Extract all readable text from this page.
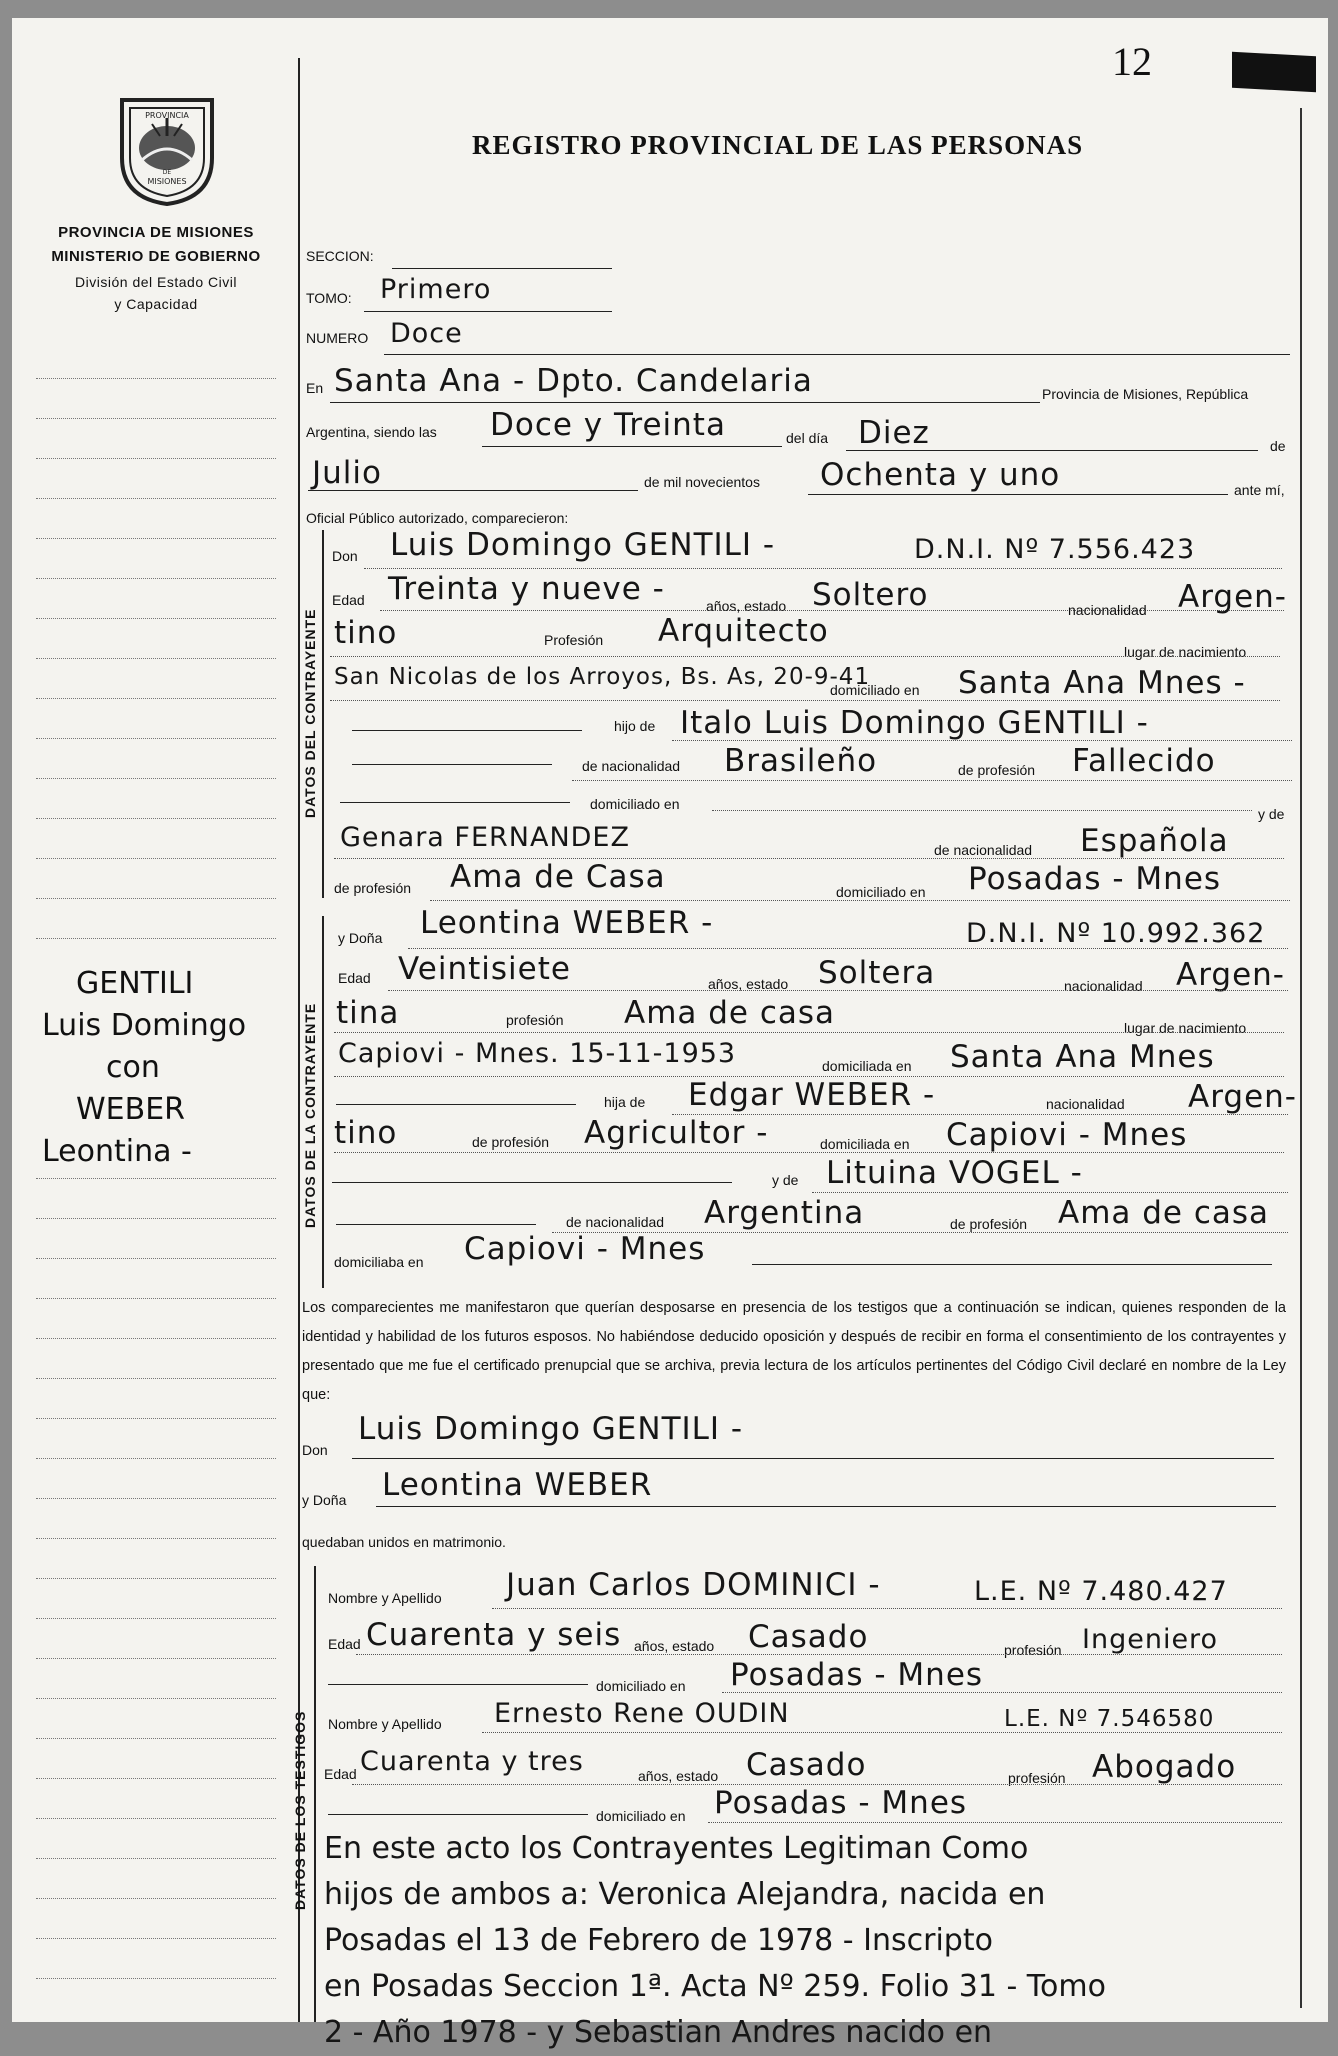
PROVINCIA
MISIONES
DE
PROVINCIA DE MISIONES
MINISTERIO DE GOBIERNO
División del Estado Civil
y Capacidad
GENTILI
Luis Domingo
con
WEBER
Leontina -
12
REGISTRO PROVINCIAL DE LAS PERSONAS
SECCION:
TOMO: Primero
NUMERO Doce
En Santa Ana - Dpto. Candelaria	Provincia de Misiones, República
Argentina, siendo las Doce y Treinta	del día Diez	de
Julio	de mil novecientos Ochenta y uno	ante mí,
Oficial Público autorizado, comparecieron:
DATOS DEL CONTRAYENTE
Don Luis Domingo GENTILI -	D.N.I. Nº 7.556.423
Edad Treinta y nueve -	años, estado Soltero	nacionalidad Argen-
tino	Profesión Arquitecto
lugar de nacimiento
San Nicolas de los Arroyos, Bs. As, 20-9-41
domiciliado en Santa Ana Mnes -
hijo de Italo Luis Domingo GENTILI -
de nacionalidad Brasileño	de profesión Fallecido
domiciliado en
y de
Genara FERNANDEZ	de nacionalidad Española
de profesión Ama de Casa	domiciliado en Posadas - Mnes
DATOS DE LA CONTRAYENTE
y Doña Leontina WEBER -	D.N.I. Nº 10.992.362
Edad Veintisiete	años, estado Soltera	nacionalidad Argen-
tina	profesión Ama de casa	lugar de nacimiento
Capiovi - Mnes. 15-11-1953	domiciliada en Santa Ana Mnes
hija de Edgar WEBER -	nacionalidad Argen-
tino	de profesión Agricultor -	domiciliada en Capiovi - Mnes
y de Lituina VOGEL -
de nacionalidad Argentina	de profesión Ama de casa
domiciliaba en Capiovi - Mnes
Los comparecientes me manifestaron que querían desposarse en presencia de los testigos que a continuación se indican, quienes responden de la identidad y habilidad de los futuros esposos. No habiéndose deducido oposición y después de recibir en forma el consentimiento de los contrayentes y presentado que me fue el certificado prenupcial que se archiva, previa lectura de los artículos pertinentes del Código Civil declaré en nombre de la Ley que:
Don
Luis Domingo GENTILI -
y Doña Leontina WEBER
quedaban unidos en matrimonio.
DATOS DE LOS TESTIGOS
Nombre y Apellido Juan Carlos DOMINICI -	L.E. Nº 7.480.427
Edad Cuarenta y seis años, estado Casado	profesión Ingeniero
domiciliado en Posadas - Mnes
Nombre y Apellido Ernesto Rene OUDIN	L.E. Nº 7.546580
Edad Cuarenta y tres	años, estado Casado	profesión Abogado
domiciliado en Posadas - Mnes
En este acto los Contrayentes Legitiman Como
hijos de ambos a: Veronica Alejandra, nacida en
Posadas el 13 de Febrero de 1978 - Inscripto
en Posadas Seccion 1ª. Acta Nº 259. Folio 31 - Tomo
2 - Año 1978 - y Sebastian Andres nacido en
